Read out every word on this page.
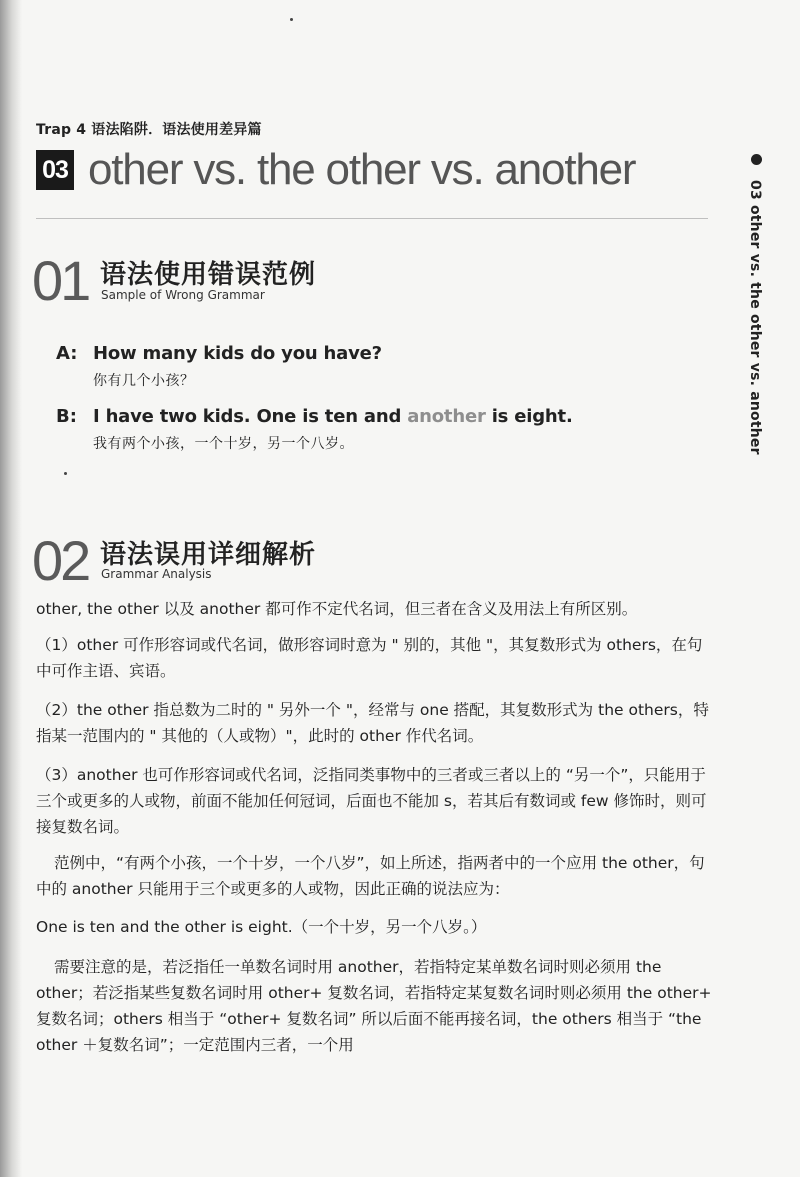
Trap 4 语法陷阱．语法使用差异篇
03 other vs. the other vs. another
03 other vs. the other vs. another
01 语法使用错误范例
Sample of Wrong Grammar
A: How many kids do you have?
你有几个小孩？
B: I have two kids. One is ten and another is eight.
我有两个小孩，一个十岁，另一个八岁。
02 语法误用详细解析
Grammar Analysis

other, the other 以及 another 都可作不定代名词，但三者在含义及用法上有所区别。

（1）other 可作形容词或代名词，做形容词时意为 " 别的，其他 "，其复数形式为 others，在句中可作主语、宾语。

（2）the other 指总数为二时的 " 另外一个 "，经常与 one 搭配，其复数形式为 the others，特指某一范围内的 " 其他的（人或物）"，此时的 other 作代名词。

（3）another 也可作形容词或代名词，泛指同类事物中的三者或三者以上的 “另一个”，只能用于三个或更多的人或物，前面不能加任何冠词，后面也不能加 s，若其后有数词或 few 修饰时，则可接复数名词。

范例中，“有两个小孩，一个十岁，一个八岁”，如上所述，指两者中的一个应用 the other，句中的 another 只能用于三个或更多的人或物，因此正确的说法应为：

One is ten and the other is eight.（一个十岁，另一个八岁。）

需要注意的是，若泛指任一单数名词时用 another，若指特定某单数名词时则必须用 the other；若泛指某些复数名词时用 other+ 复数名词，若指特定某复数名词时则必须用 the other+ 复数名词；others 相当于 “other+ 复数名词” 所以后面不能再接名词，the others 相当于 “the other ＋复数名词”；一定范围内三者，一个用
